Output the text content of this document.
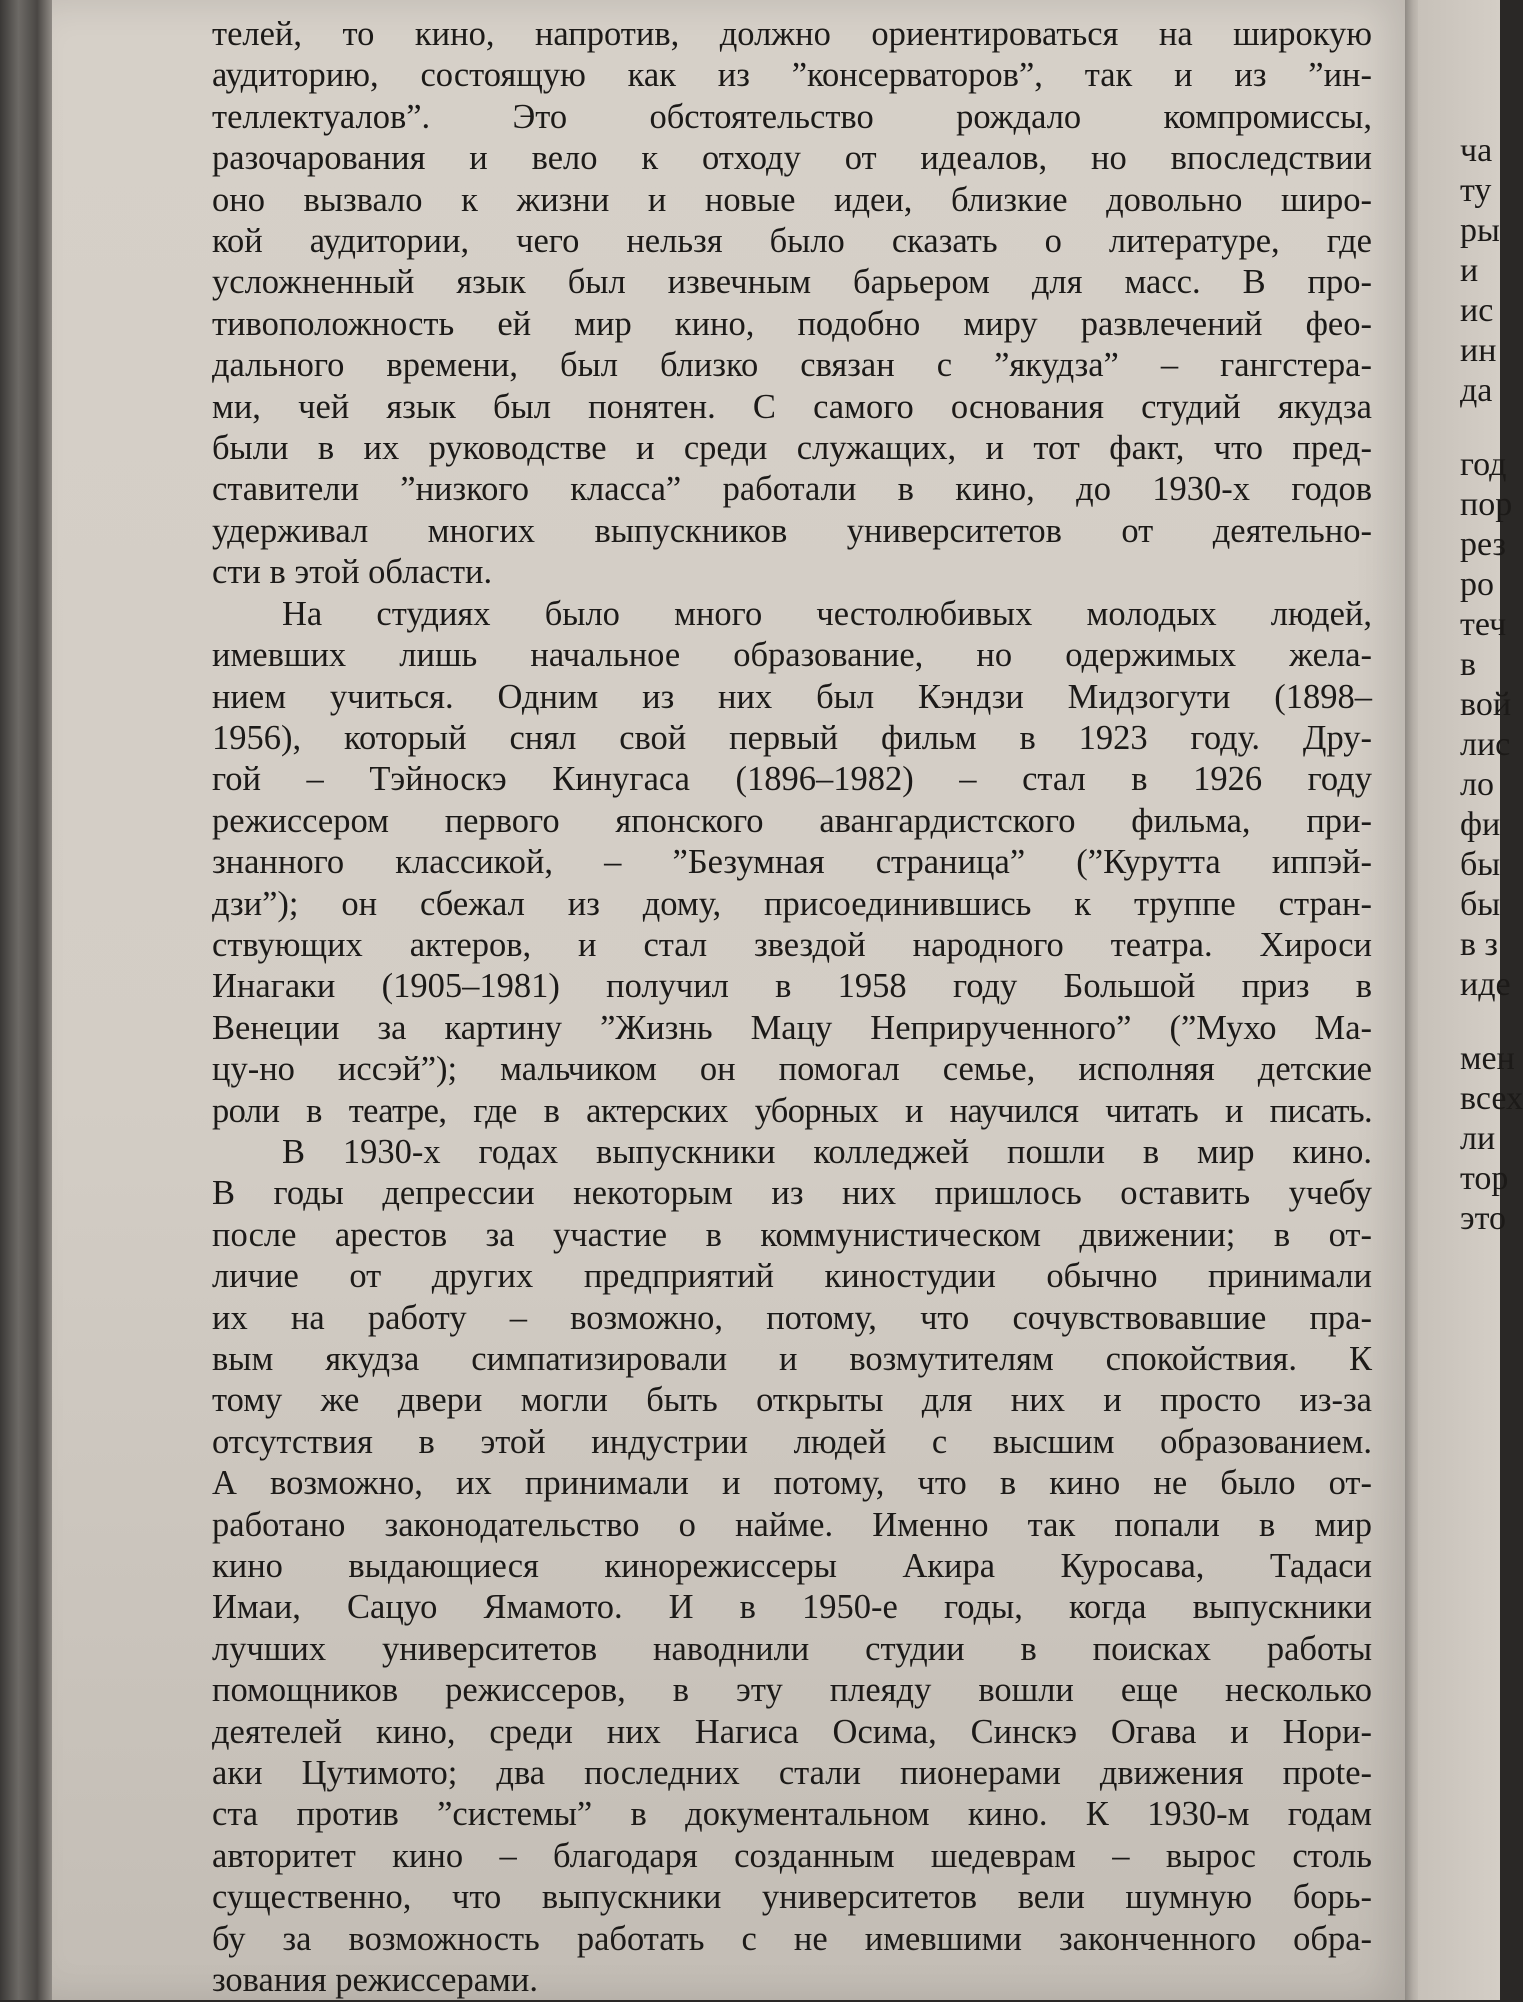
телей, то кино, напротив, должно ориентироваться на широкую
аудиторию, состоящую как из ”консерваторов”, так и из ”ин-
теллектуалов”. Это обстоятельство рождало компромиссы,
разочарования и вело к отходу от идеалов, но впоследствии
оно вызвало к жизни и новые идеи, близкие довольно широ-
кой аудитории, чего нельзя было сказать о литературе, где
усложненный язык был извечным барьером для масс. В про-
тивоположность ей мир кино, подобно миру развлечений фео-
дального времени, был близко связан с ”якудза” – гангстера-
ми, чей язык был понятен. С самого основания студий якудза
были в их руководстве и среди служащих, и тот факт, что пред-
ставители ”низкого класса” работали в кино, до 1930-х годов
удерживал многих выпускников университетов от деятельно-
сти в этой области.
На студиях было много честолюбивых молодых людей,
имевших лишь начальное образование, но одержимых жела-
нием учиться. Одним из них был Кэндзи Мидзогути (1898–
1956), который снял свой первый фильм в 1923 году. Дру-
гой – Тэйноскэ Кинугаса (1896–1982) – стал в 1926 году
режиссером первого японского авангардистского фильма, при-
знанного классикой, – ”Безумная страница” (”Курутта иппэй-
дзи”); он сбежал из дому, присоединившись к труппе стран-
ствующих актеров, и стал звездой народного театра. Хироси
Инагаки (1905–1981) получил в 1958 году Большой приз в
Венеции за картину ”Жизнь Мацу Неприрученного” (”Мухо Ма-
цу-но иссэй”); мальчиком он помогал семье, исполняя детские
роли в театре, где в актерских уборных и научился читать и писать.
В 1930-х годах выпускники колледжей пошли в мир кино.
В годы депрессии некоторым из них пришлось оставить учебу
после арестов за участие в коммунистическом движении; в от-
личие от других предприятий киностудии обычно принимали
их на работу – возможно, потому, что сочувствовавшие пра-
вым якудза симпатизировали и возмутителям спокойствия. К
тому же двери могли быть открыты для них и просто из-за
отсутствия в этой индустрии людей с высшим образованием.
А возможно, их принимали и потому, что в кино не было от-
работано законодательство о найме. Именно так попали в мир
кино выдающиеся кинорежиссеры Акира Куросава, Тадаси
Имаи, Сацуо Ямамото. И в 1950-е годы, когда выпускники
лучших университетов наводнили студии в поисках работы
помощников режиссеров, в эту плеяду вошли еще несколько
деятелей кино, среди них Нагиса Осима, Синскэ Огава и Нори-
аки Цутимото; два последних стали пионерами движения прote-
ста против ”системы” в документальном кино. К 1930-м годам
авторитет кино – благодаря созданным шедеврам – вырос столь
существенно, что выпускники университетов вели шумную борь-
бу за возможность работать с не имевшими законченного обра-
зования режиссерами.
ча
ту
ры
и
ис
ин
да
год
пор
рез
ро
теч
в
вой
лис
ло
фи
бы
бы
в з
иде
мен
всех
ли
тор
это
